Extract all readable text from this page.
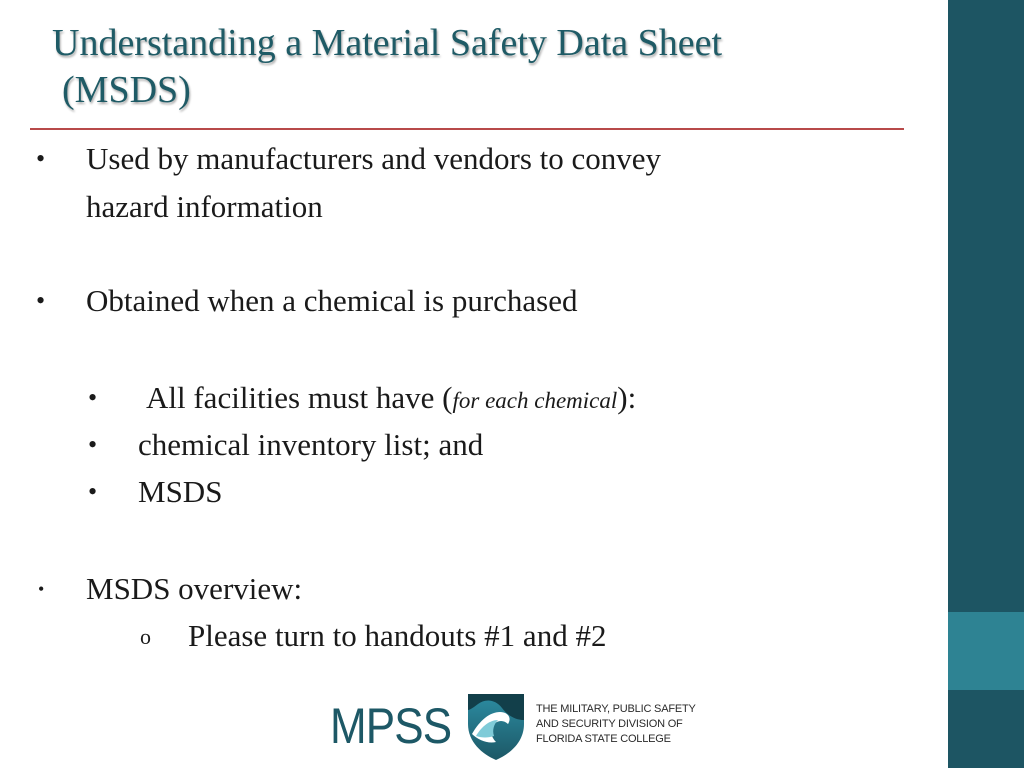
Understanding a Material Safety Data Sheet
(MSDS)
• Used by manufacturers and vendors to convey
hazard information
• Obtained when a chemical is purchased
• All facilities must have (for each chemical):
• chemical inventory list; and
• MSDS
• MSDS overview:
o Please turn to handouts #1 and #2
MPSS	THE MILITARY, PUBLIC SAFETY
AND SECURITY DIVISION OF
FLORIDA STATE COLLEGE
